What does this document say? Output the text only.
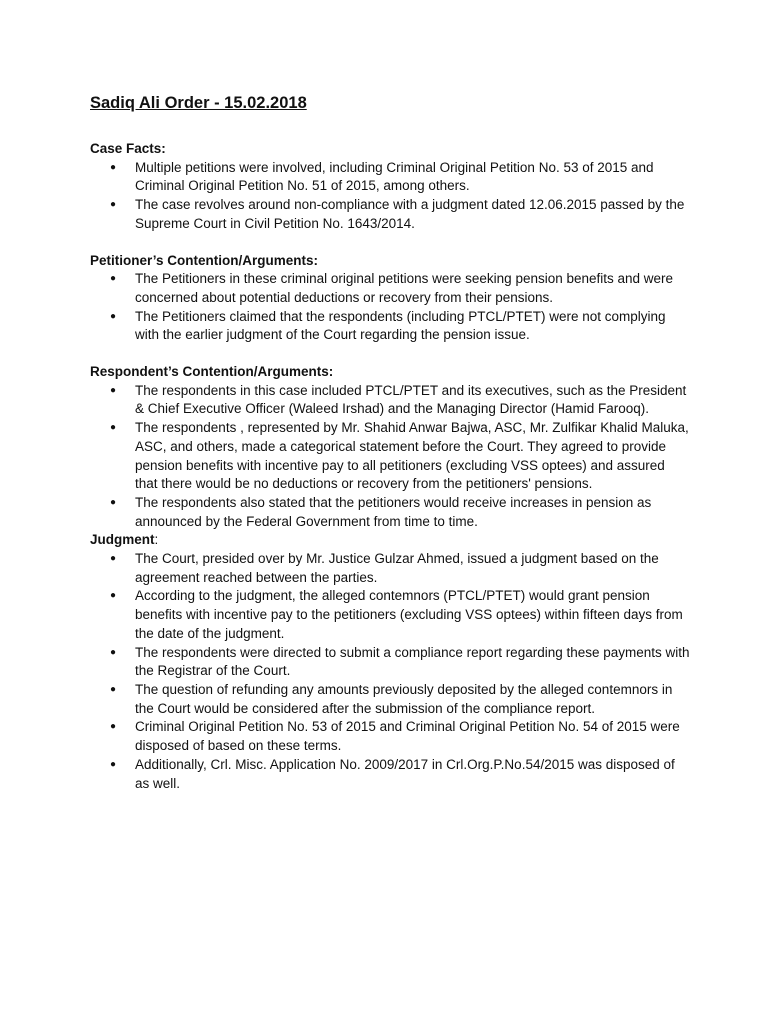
Sadiq Ali Order - 15.02.2018
Case Facts:
● Multiple petitions were involved, including Criminal Original Petition No. 53 of 2015 and Criminal Original Petition No. 51 of 2015, among others.
● The case revolves around non-compliance with a judgment dated 12.06.2015 passed by the Supreme Court in Civil Petition No. 1643/2014.
Petitioner’s Contention/Arguments:
● The Petitioners in these criminal original petitions were seeking pension benefits and were concerned about potential deductions or recovery from their pensions.
● The Petitioners claimed that the respondents (including PTCL/PTET) were not complying with the earlier judgment of the Court regarding the pension issue.
Respondent’s Contention/Arguments:
● The respondents in this case included PTCL/PTET and its executives, such as the President & Chief Executive Officer (Waleed Irshad) and the Managing Director (Hamid Farooq).
● The respondents , represented by Mr. Shahid Anwar Bajwa, ASC, Mr. Zulfikar Khalid Maluka, ASC, and others, made a categorical statement before the Court. They agreed to provide pension benefits with incentive pay to all petitioners (excluding VSS optees) and assured that there would be no deductions or recovery from the petitioners' pensions.
● The respondents also stated that the petitioners would receive increases in pension as announced by the Federal Government from time to time.
Judgment:
● The Court, presided over by Mr. Justice Gulzar Ahmed, issued a judgment based on the agreement reached between the parties.
● According to the judgment, the alleged contemnors (PTCL/PTET) would grant pension benefits with incentive pay to the petitioners (excluding VSS optees) within fifteen days from the date of the judgment.
● The respondents were directed to submit a compliance report regarding these payments with the Registrar of the Court.
● The question of refunding any amounts previously deposited by the alleged contemnors in the Court would be considered after the submission of the compliance report.
● Criminal Original Petition No. 53 of 2015 and Criminal Original Petition No. 54 of 2015 were disposed of based on these terms.
● Additionally, Crl. Misc. Application No. 2009/2017 in Crl.Org.P.No.54/2015 was disposed of as well.
